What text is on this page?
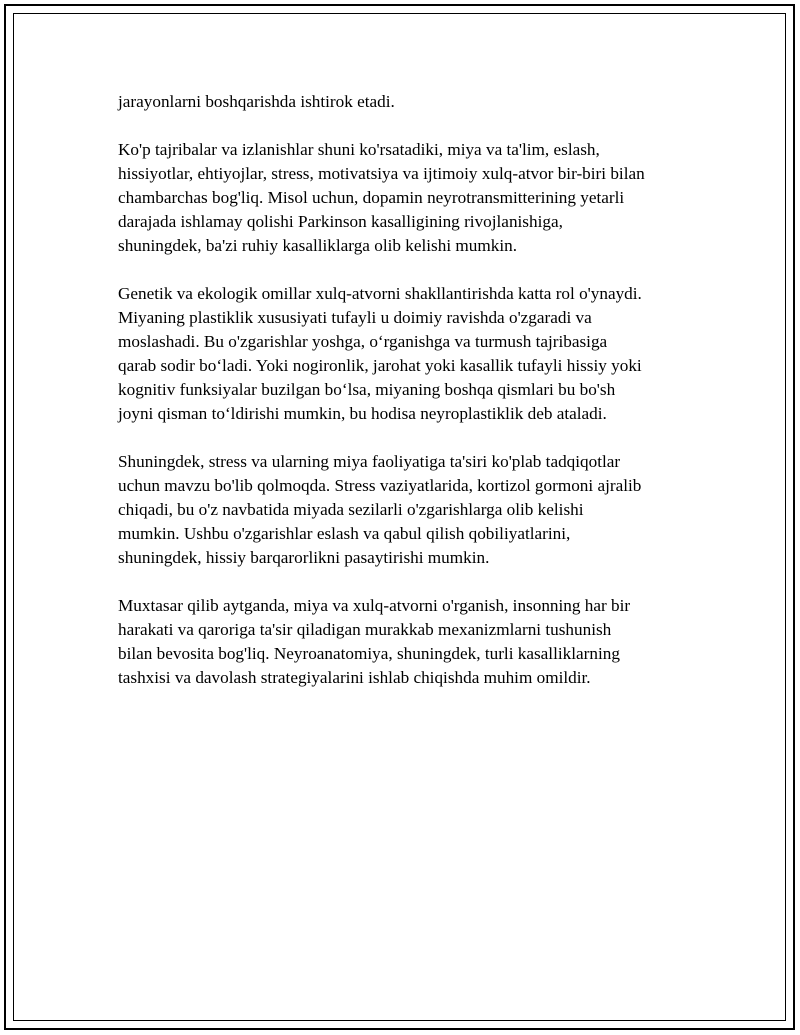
jarayonlarni boshqarishda ishtirok etadi.

Ko'p tajribalar va izlanishlar shuni ko'rsatadiki, miya va ta'lim, eslash,
hissiyotlar, ehtiyojlar, stress, motivatsiya va ijtimoiy xulq-atvor bir-biri bilan
chambarchas bog'liq. Misol uchun, dopamin neyrotransmitterining yetarli
darajada ishlamay qolishi Parkinson kasalligining rivojlanishiga,
shuningdek, ba'zi ruhiy kasalliklarga olib kelishi mumkin.

Genetik va ekologik omillar xulq-atvorni shakllantirishda katta rol o'ynaydi.
Miyaning plastiklik xususiyati tufayli u doimiy ravishda o'zgaradi va
moslashadi. Bu o'zgarishlar yoshga, o‘rganishga va turmush tajribasiga
qarab sodir bo‘ladi. Yoki nogironlik, jarohat yoki kasallik tufayli hissiy yoki
kognitiv funksiyalar buzilgan bo‘lsa, miyaning boshqa qismlari bu bo'sh
joyni qisman to‘ldirishi mumkin, bu hodisa neyroplastiklik deb ataladi.

Shuningdek, stress va ularning miya faoliyatiga ta'siri ko'plab tadqiqotlar
uchun mavzu bo'lib qolmoqda. Stress vaziyatlarida, kortizol gormoni ajralib
chiqadi, bu o'z navbatida miyada sezilarli o'zgarishlarga olib kelishi
mumkin. Ushbu o'zgarishlar eslash va qabul qilish qobiliyatlarini,
shuningdek, hissiy barqarorlikni pasaytirishi mumkin.

Muxtasar qilib aytganda, miya va xulq-atvorni o'rganish, insonning har bir
harakati va qaroriga ta'sir qiladigan murakkab mexanizmlarni tushunish
bilan bevosita bog'liq. Neyroanatomiya, shuningdek, turli kasalliklarning
tashxisi va davolash strategiyalarini ishlab chiqishda muhim omildir.
